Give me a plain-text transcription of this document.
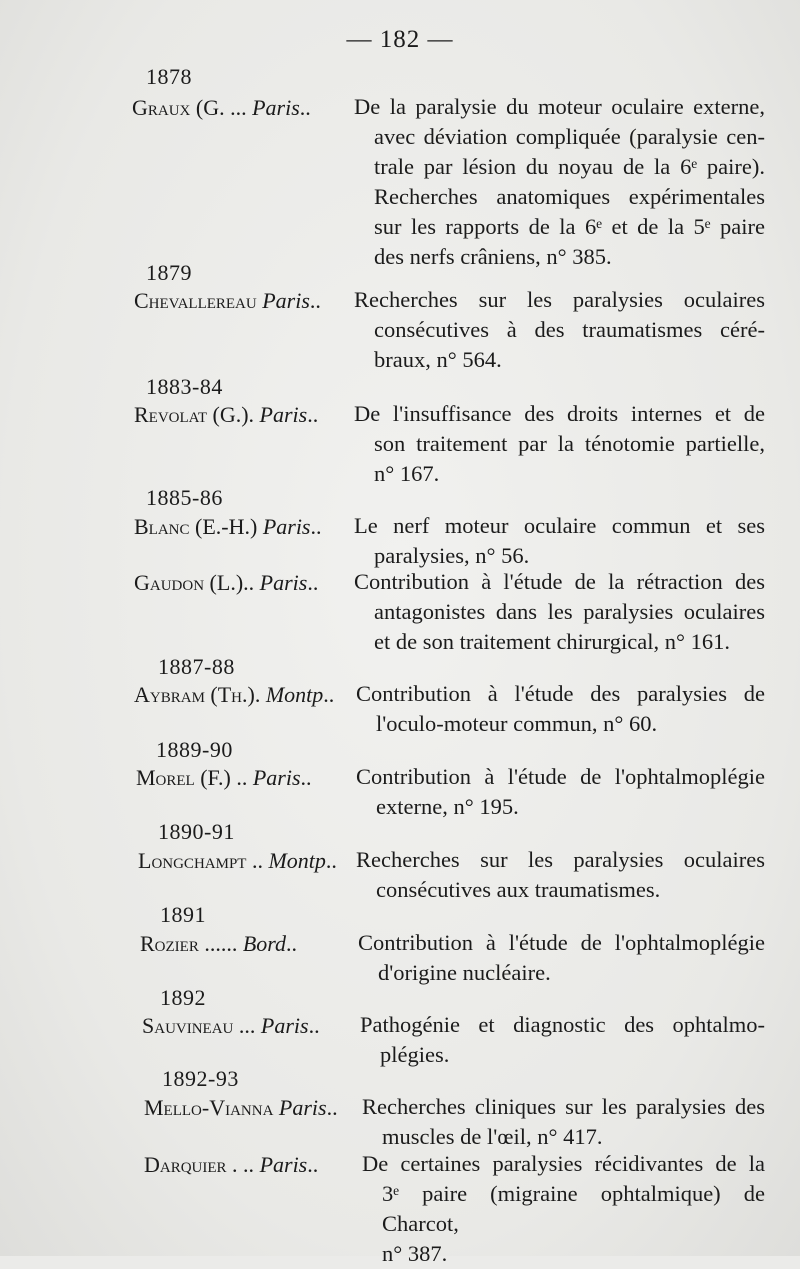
— 182 —
1878
Graux (G. ... Paris.. De la paralysie du moteur oculaire externe,
avec déviation compliquée (paralysie cen-
trale par lésion du noyau de la 6ᵉ paire).
Recherches anatomiques expérimentales
sur les rapports de la 6ᵉ et de la 5ᵉ paire
des nerfs crâniens, n° 385.
1879
Chevallereau Paris.. Recherches sur les paralysies oculaires
consécutives à des traumatismes céré-
braux, n° 564.
1883-84
Revolat (G.). Paris.. De l'insuffisance des droits internes et de
son traitement par la ténotomie partielle,
n° 167.
1885-86
Blanc (E.-H.) Paris.. Le nerf moteur oculaire commun et ses
paralysies, n° 56.
Gaudon (L.).. Paris.. Contribution à l'étude de la rétraction des
antagonistes dans les paralysies oculaires
et de son traitement chirurgical, n° 161.
1887-88
Aybram (Th.). Montp.. Contribution à l'étude des paralysies de
l'oculo-moteur commun, n° 60.
1889-90
Morel (F.) .. Paris.. Contribution à l'étude de l'ophtalmoplégie
externe, n° 195.
1890-91
Longchampt .. Montp.. Recherches sur les paralysies oculaires
consécutives aux traumatismes.
1891
Rozier ...... Bord..	Contribution à l'étude de l'ophtalmoplégie
d'origine nucléaire.
1892
Sauvineau ... Paris.. Pathogénie et diagnostic des ophtalmo-
plégies.
1892-93
Mello-Vianna Paris.. Recherches cliniques sur les paralysies des
muscles de l'œil, n° 417.
Darquier . .. Paris.. De certaines paralysies récidivantes de la
3ᵉ paire (migraine ophtalmique) de Charcot,
n° 387.
